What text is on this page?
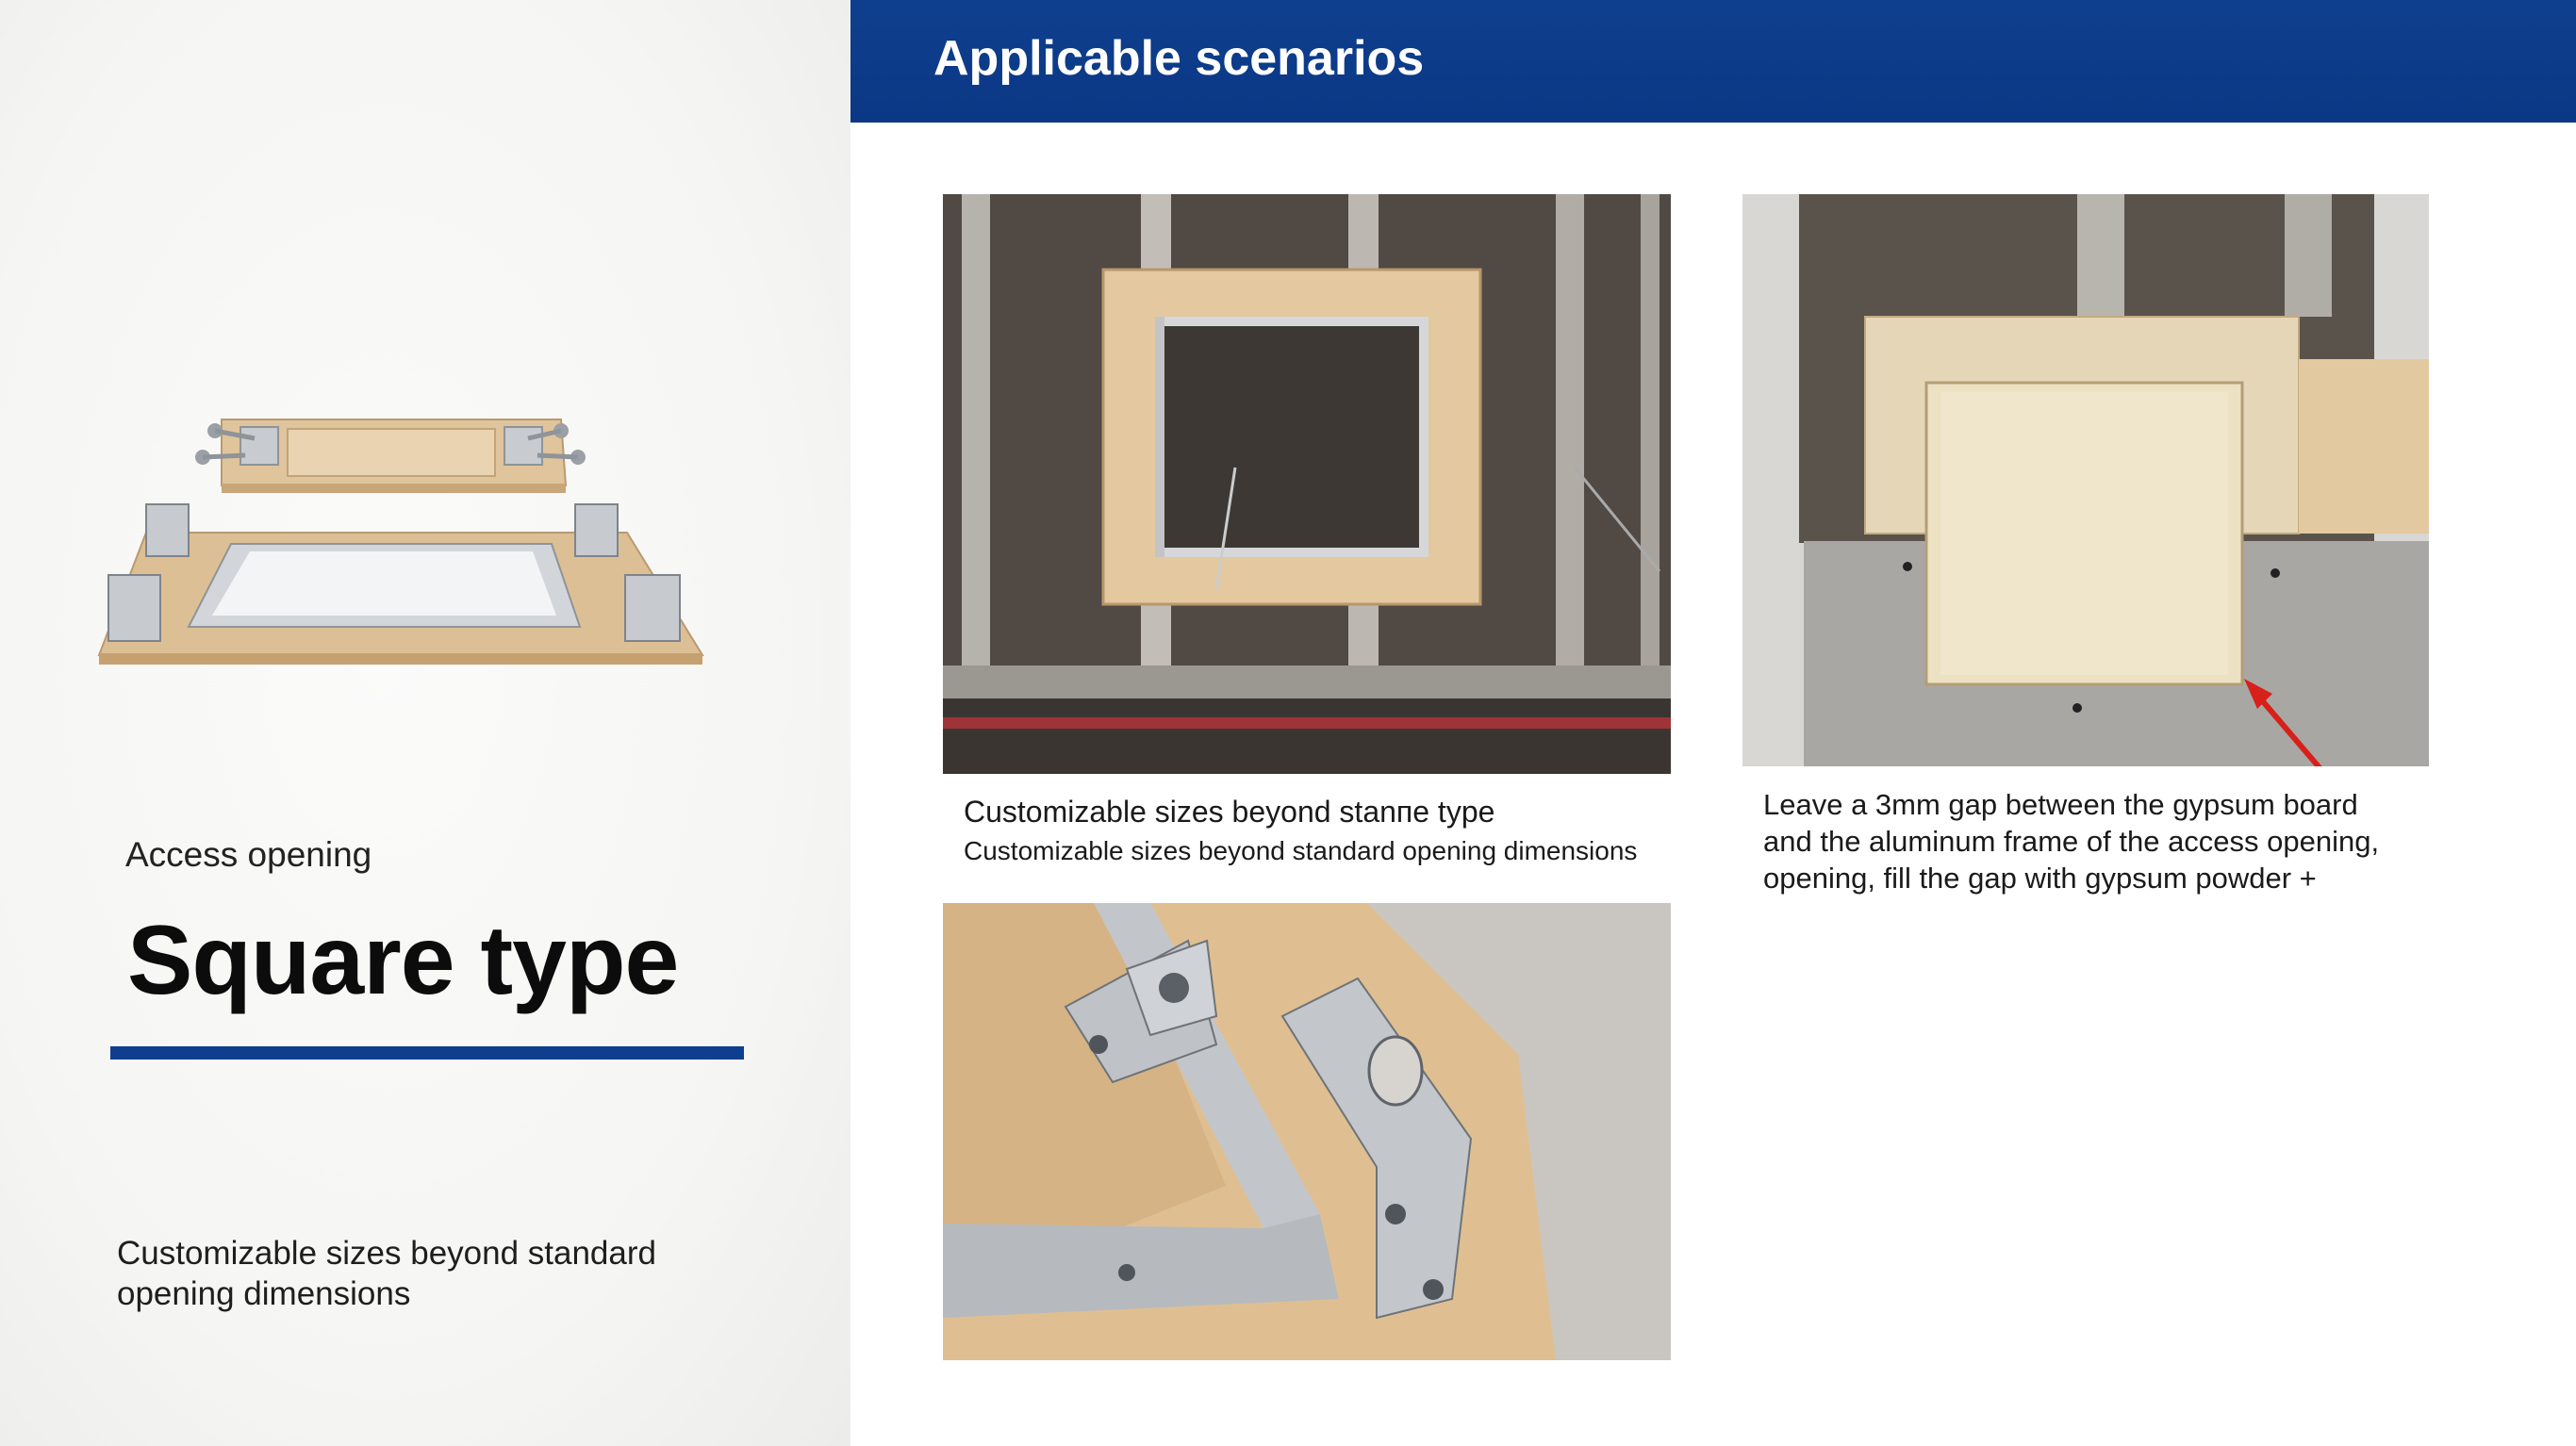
Access opening
Square type
Customizable sizes beyond standard
opening dimensions
Applicable scenarios
Customizable sizes beyond stanпe type
Customizable sizes beyond standard opening dimensions
Leave a 3mm gap between the gypsum board
and the aluminum frame of the access opening,
opening, fill the gap with gypsum powder +
